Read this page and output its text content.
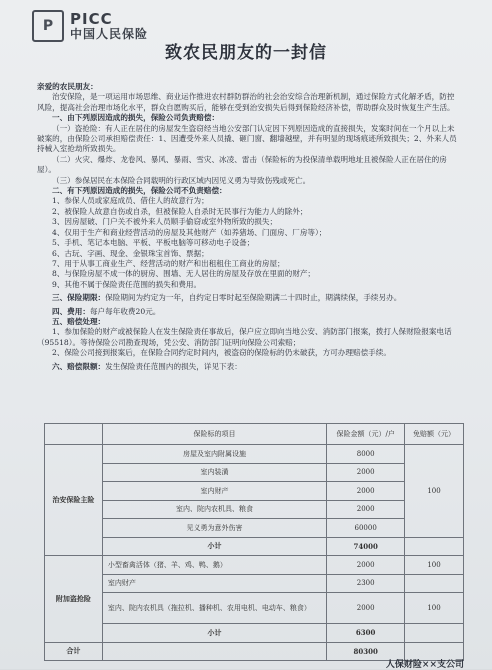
P	PICC
中国人民保险
致农民朋友的一封信

亲爱的农民朋友：

治安保险，是一项运用市场思维、商业运作推进农村群防群治的社会治安综合治理新机制，通过保险方式化解矛盾，防控风险，提高社会治理市场化水平，群众自愿购买后，能够在受到治安损失后得到保险经济补偿，帮助群众及时恢复生产生活。

一、由下列原因造成的损失，保险公司负责赔偿：

（一）盗抢险：有人正在居住的房屋发生盗窃经当地公安部门认定因下列原因造成的直接损失，发案时间在一个月以上未破案的，由保险公司承担赔偿责任：1、因遭受外来人员撬、砸门窗、翻墙越壁，并有明显的现场痕迹所致损失；2、外来人员持械入室抢劫所致损失。

（二）火灾、爆炸、龙卷风、暴风、暴雨、雪灾、冰凌、雷击（保险标的为投保清单载明地址且被保险人正在居住的房屋）。

（三）参保居民在本保险合同载明的行政区域内因见义勇为导致伤残或死亡。

二、有下列原因造成的损失，保险公司不负责赔偿：

1、参保人员或家庭成员、借住人的故意行为；

2、被保险人故意自伤或自杀，但被保险人自杀时无民事行为能力人的除外；

3、因房屋破、门户关不被外来人员顺手偷窃或室外物所致的损失；

4、仅用于生产和商业经营活动的房屋及其他财产（如养猪场、门面房、厂房等）；

5、手机、笔记本电脑、平板、平板电脑等可移动电子设备；

6、古玩、字画、现金、金银珠宝首饰、票据；

7、用于从事工商业生产、经营活动的财产和出租租住工商业的房屋；

8、与保险房屋不成一体的厨房、围墙、无人居住的房屋及存放在里面的财产；

9、其他不属于保险责任范围的损失和费用。

三、保险期限：保险期间为约定为一年，自约定日零时起至保险期满二十四时止，期满续保，手续另办。

四、费用：每户每年收费20元。

五、赔偿处理：

1、参加保险的财产或被保险人在发生保险责任事故后，保户应立即向当地公安、消防部门报案，拨打人保财险报案电话（95518）。等待保险公司勘查现场，凭公安、消防部门证明向保险公司索赔；

2、保险公司接到报案后，在保险合同约定时间内，被盗窃的保险标的仍未破获，方可办理赔偿手续。

六、赔偿限额：发生保险责任范围内的损失，详见下表：

	保险标的项目	保险金额（元）/户	免赔额（元）
治安保险主险	房屋及室内附属设施	8000	100
	室内装潢	2000	
	室内财产	2000	
	室内、院内农机具、粮食	2000	
	见义勇为意外伤害	60000	
	小计	74000	
附加盗抢险	小型畜禽活体（猪、羊、鸡、鸭、鹅）	2000	100
	室内财产	2300	
	室内、院内农机具（拖拉机、播种机、农用电机、电动车、粮食）	2000	100
	小计	6300	
合计		80300	
人保财险××支公司
